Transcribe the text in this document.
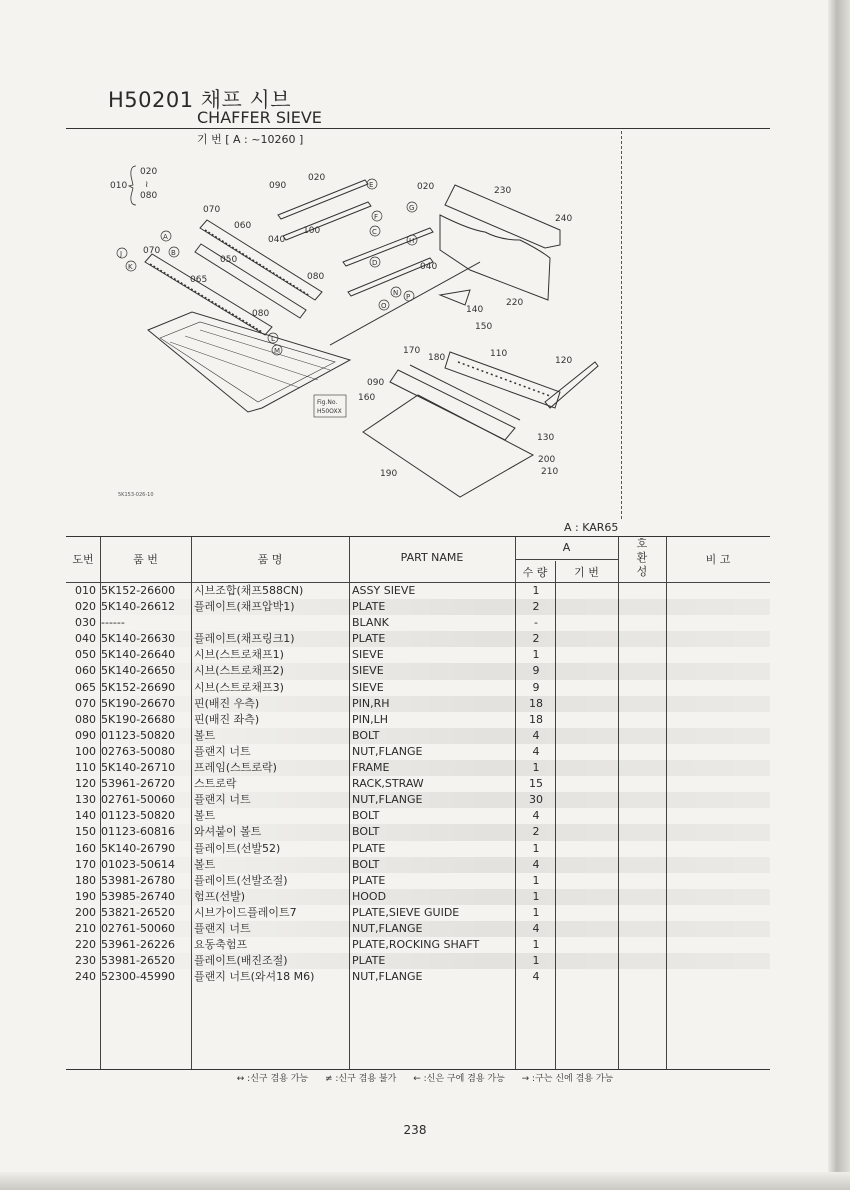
H50201 채프 시브
CHAFFER SIEVE
기 번 [ A : ~10260 ]
010
020
≀
080
Fig.No.
H50OXX
020
090	020	230
240
070
060	100
040
070
050
065	080
040
220
080	140
150
170
180	110
120
090
160
130
190
200
210
A
B
C
D
E
F
G
H
J
K
L
M
N
O
P
5K153-026-10
A : KAR65
도번	품 번	품 명	PART NAME
A
수 량	기 번
호
환
성
비 고
010 5K152-26600 시브조합(채프588CN)	ASSY SIEVE	1
020 5K140-26612 플레이트(채프압박1)	PLATE	2
030 ------	BLANK	-
040 5K140-26630 플레이트(채프링크1)	PLATE	2
050 5K140-26640 시브(스트로채프1)	SIEVE	1
060 5K140-26650 시브(스트로채프2)	SIEVE	9
065 5K152-26690 시브(스트로채프3)	SIEVE	9
070 5K190-26670 핀(배진 우측)	PIN,RH	18
080 5K190-26680 핀(배진 좌측)	PIN,LH	18
090 01123-50820 볼트	BOLT	4
100 02763-50080 플랜지 너트	NUT,FLANGE	4
110 5K140-26710 프레임(스트로락)	FRAME	1
120 53961-26720 스트로락	RACK,STRAW	15
130 02761-50060 플랜지 너트	NUT,FLANGE	30
140 01123-50820 볼트	BOLT	4
150 01123-60816 와셔붙이 볼트	BOLT	2
160 5K140-26790 플레이트(선발52)	PLATE	1
170 01023-50614 볼트	BOLT	4
180 53981-26780 플레이트(선발조절)	PLATE	1
190 53985-26740 험프(선발)	HOOD	1
200 53821-26520 시브가이드플레이트7	PLATE,SIEVE GUIDE	1
210 02761-50060 플랜지 너트	NUT,FLANGE	4
220 53961-26226 요동축험프	PLATE,ROCKING SHAFT	1
230 53981-26520 플레이트(배진조절)	PLATE	1
240 52300-45990 플랜지 너트(와셔18 M6)	NUT,FLANGE	4
↔ :신구 겸용 가능 ≠ :신구 겸용 불가 ← :신은 구에 겸용 가능 → :구는 신에 겸용 가능
238
